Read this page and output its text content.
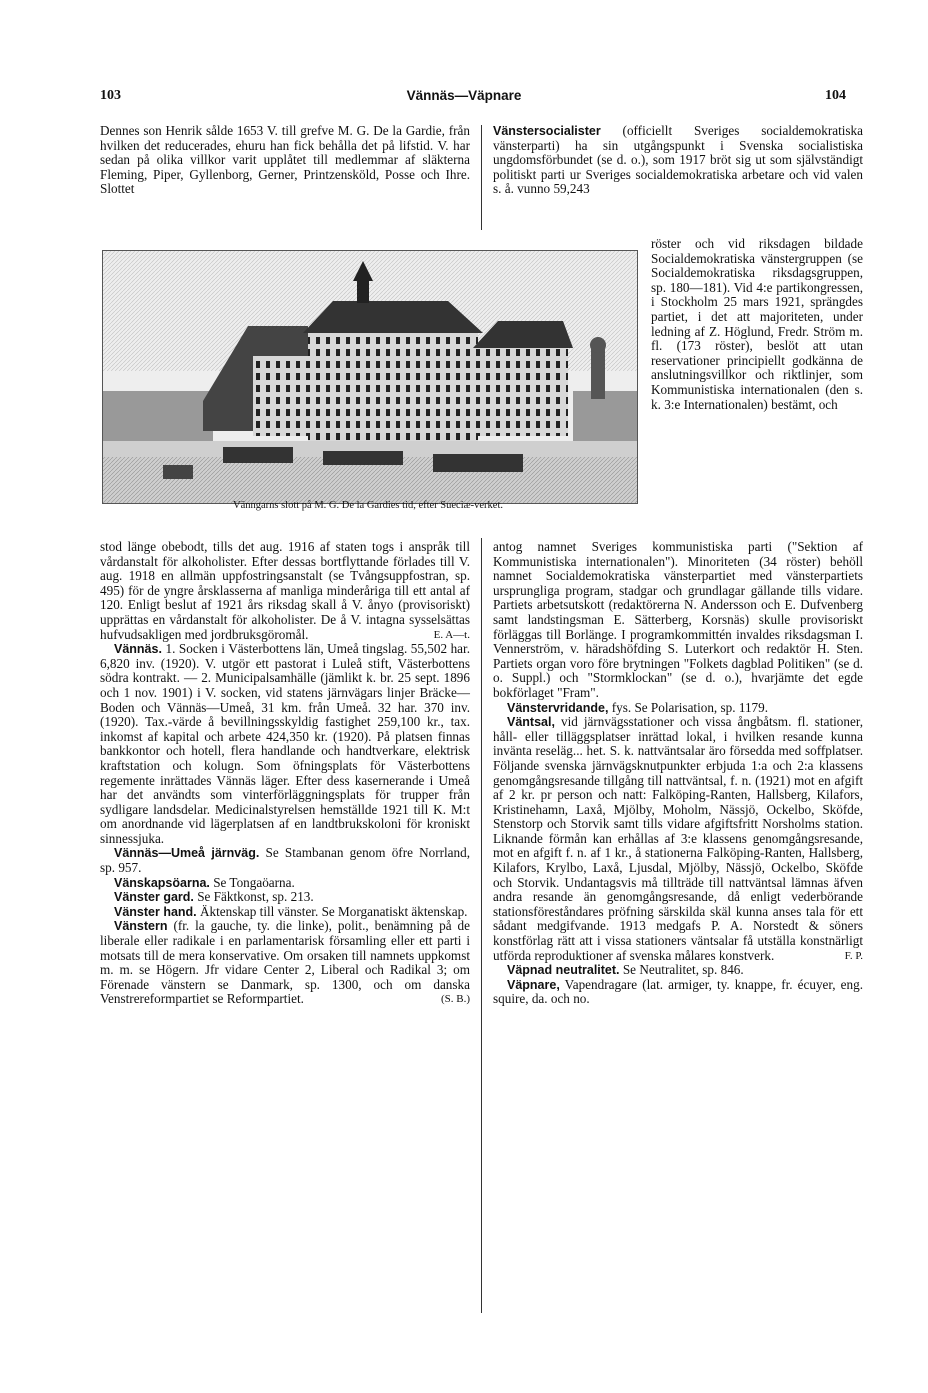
103	Vännäs—Väpnare	104

Dennes son Henrik sålde 1653 V. till grefve M. G. De la Gardie, från hvilken det reducerades, ehuru han fick behålla det på lifstid. V. har sedan på olika villkor varit upplåtet till medlemmar af släkterna Fleming, Piper, Gyllenborg, Gerner, Printzensköld, Posse och Ihre. Slottet

Vänngarns slott på M. G. De la Gardies tid, efter Sueciæ-verket.

stod länge obebodt, tills det aug. 1916 af staten togs i anspråk till vårdanstalt för alkoholister. Efter dessas bortflyttande förlades till V. aug. 1918 en allmän uppfostringsanstalt (se Tvångsuppfostran, sp. 495) för de yngre årsklasserna af manliga minderåriga till ett antal af 120. Enligt beslut af 1921 års riksdag skall å V. ånyo (provisoriskt) upprättas en vårdanstalt för alkoholister. De å V. intagna sysselsättas hufvudsakligen med jordbruksgöromål.	E. A—t.

Vännäs. 1. Socken i Västerbottens län, Umeå tingslag. 55,502 har. 6,820 inv. (1920). V. utgör ett pastorat i Luleå stift, Västerbottens södra kontrakt. — 2. Municipalsamhälle (jämlikt k. br. 25 sept. 1896 och 1 nov. 1901) i V. socken, vid statens järnvägars linjer Bräcke—Boden och Vännäs—Umeå, 31 km. från Umeå. 32 har. 370 inv. (1920). Tax.-värde å bevillningsskyldig fastighet 259,100 kr., tax. inkomst af kapital och arbete 424,350 kr. (1920). På platsen finnas bankkontor och hotell, flera handlande och handtverkare, elektrisk kraftstation och kolugn. Som öfningsplats för Västerbottens regemente inrättades Vännäs läger. Efter dess kasernerande i Umeå har det användts som vinterförläggningsplats för trupper från sydligare landsdelar. Medicinalstyrelsen hemställde 1921 till K. M:t om anordnande vid lägerplatsen af en landtbrukskoloni för kroniskt sinnessjuka.

Vännäs—Umeå järnväg. Se Stambanan genom öfre Norrland, sp. 957.

Vänskapsöarna. Se Tongaöarna.

Vänster gard. Se Fäktkonst, sp. 213.

Vänster hand. Äktenskap till vänster. Se Morganatiskt äktenskap.

Vänstern (fr. la gauche, ty. die linke), polit., benämning på de liberale eller radikale i en parlamentarisk församling eller ett parti i motsats till de mera konservative. Om orsaken till namnets uppkomst m. m. se Högern. Jfr vidare Center 2, Liberal och Radikal 3; om Förenade vänstern se Danmark, sp. 1300, och om danska Venstrereformpartiet se Reformpartiet.	(S. B.)

Vänstersocialister (officiellt Sveriges socialdemokratiska vänsterparti) ha sin utgångspunkt i Svenska socialistiska ungdomsförbundet (se d. o.), som 1917 bröt sig ut som självständigt politiskt parti ur Sveriges socialdemokratiska arbetare och vid valen s. å. vunno 59,243

röster och vid riksdagen bildade Socialdemokratiska vänstergruppen (se Socialdemokratiska riksdagsgruppen, sp. 180—181). Vid 4:e partikongressen, i Stockholm 25 mars 1921, sprängdes partiet, i det att majoriteten, under ledning af Z. Höglund, Fredr. Ström m. fl. (173 röster), beslöt att utan reservationer principiellt godkänna de anslutningsvillkor och riktlinjer, som Kommunistiska internationalen (den s. k. 3:e Internationalen) bestämt, och

antog namnet Sveriges kommunistiska parti ("Sektion af Kommunistiska internationalen"). Minoriteten (34 röster) behöll namnet Socialdemokratiska vänsterpartiet med vänsterpartiets ursprungliga program, stadgar och grundlagar gällande tills vidare. Partiets arbetsutskott (redaktörerna N. Andersson och E. Dufvenberg samt landstingsman E. Sätterberg, Korsnäs) skulle provisoriskt förläggas till Borlänge. I programkommittén invaldes riksdagsman I. Vennerström, v. häradshöfding S. Luterkort och redaktör H. Sten. Partiets organ voro före brytningen "Folkets dagblad Politiken" (se d. o. Suppl.) och "Stormklockan" (se d. o.), hvarjämte det egde bokförlaget "Fram".

Vänstervridande, fys. Se Polarisation, sp. 1179.

Väntsal, vid järnvägsstationer och vissa ångbåtsm. fl. stationer, håll- eller tilläggsplatser inrättad lokal, i hvilken resande kunna invänta reseläg... het. S. k. nattväntsalar äro försedda med soffplatser. Följande svenska järnvägsknutpunkter erbjuda 1:a och 2:a klassens genomgångsresande tillgång till nattväntsal, f. n. (1921) mot en afgift af 2 kr. pr person och natt: Falköping-Ranten, Hallsberg, Kilafors, Kristinehamn, Laxå, Mjölby, Moholm, Nässjö, Ockelbo, Sköfde, Stenstorp och Storvik samt tills vidare afgiftsfritt Norsholms station. Liknande förmån kan erhållas af 3:e klassens genomgångsresande, mot en afgift f. n. af 1 kr., å stationerna Falköping-Ranten, Hallsberg, Kilafors, Krylbo, Laxå, Ljusdal, Mjölby, Nässjö, Ockelbo, Sköfde och Storvik. Undantagsvis må tillträde till nattväntsal lämnas äfven andra resande än genomgångsresande, då enligt vederbörande stationsföreståndares pröfning särskilda skäl kunna anses tala för ett sådant medgifvande. 1913 medgafs P. A. Norstedt & söners konstförlag rätt att i vissa stationers väntsalar få utställa konstnärligt utförda reproduktioner af svenska målares konstverk.	F. P.

Väpnad neutralitet. Se Neutralitet, sp. 846.

Väpnare, Vapendragare (lat. armiger, ty. knappe, fr. écuyer, eng. squire, da. och no.
